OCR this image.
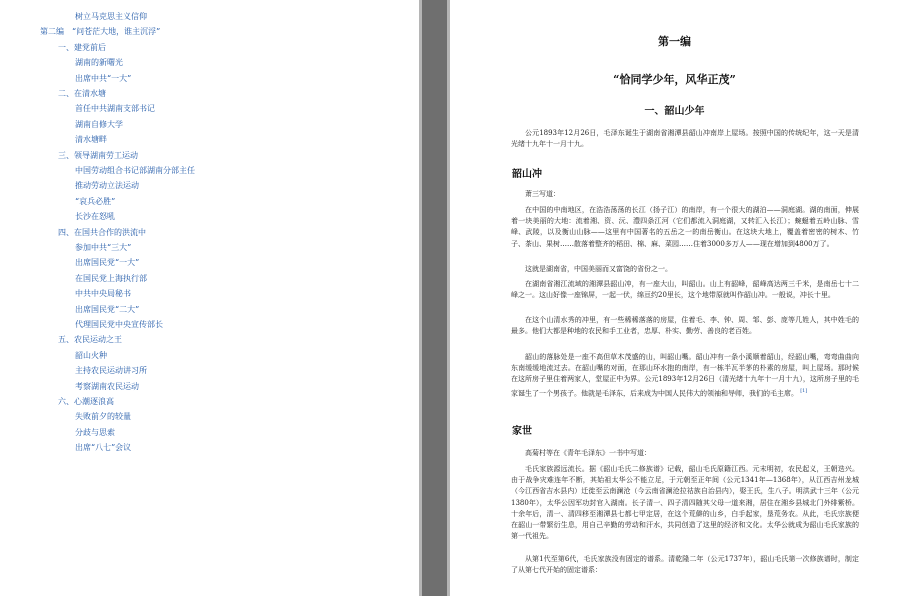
树立马克思主义信仰
第二编　“问苍茫大地，谁主沉浮”
一、建党前后
湖南的新曙光
出席中共“一大”
二、在清水塘
首任中共湖南支部书记
湖南自修大学
清水塘畔
三、领导湖南劳工运动
中国劳动组合书记部湖南分部主任
推动劳动立法运动
“哀兵必胜”
长沙在怒吼
四、在国共合作的洪流中
参加中共“三大”
出席国民党“一大”
在国民党上海执行部
中共中央局秘书
出席国民党“二大”
代理国民党中央宣传部长
五、农民运动之王
韶山火种
主持农民运动讲习所
考察湖南农民运动
六、心潮逐浪高
失败前夕的较量
分歧与思索
出席“八七”会议
第一编
“恰同学少年，风华正茂”
一、韶山少年
公元1893年12月26日，毛泽东诞生于湖南省湘潭县韶山冲南岸上屋场。按照中国的传统纪年，这一天是清光绪十九年十一月十九。
韶山冲
萧三写道：
在中国的中南地区，在浩浩荡荡的长江（扬子江）的南岸，有一个很大的湖泊——洞庭湖。湖的南面，伸展着一块美丽的大地：流着湘、资、沅、澧四条江河（它们都流入洞庭湖，又转汇入长江）；蜿蜒着五岭山脉、雪峰、武陵，以及衡山山脉——这里有中国著名的五岳之一的南岳衡山。在这块大地上，覆盖着密密的树木、竹子、茶山、果树……散落着整齐的稻田、棉、麻、菜园……住着3000多万人——现在增加到4800万了。
这就是湖南省，中国美丽而又富饶的省份之一。
在湖南省湘江流域的湘潭县韶山冲，有一座大山，叫韶山。山上有韶峰，韶峰高达两三千米，是南岳七十二峰之一。这山好像一座锦屏，一起一伏，绵亘约20里长，这个地带原就叫作韶山冲。一般说，冲长十里。
在这个山清水秀的冲里，有一些稀稀落落的房屋，住着毛、李、钟、周、邹、彭、庞等几姓人，其中姓毛的最多。他们大都是种地的农民和手工业者，忠厚、朴实、勤劳、善良的老百姓。
韶山的落脉处是一座不高但草木茂盛的山，叫韶山嘴。韶山冲有一条小溪顺着韶山，经韶山嘴，弯弯曲曲向东南缓缓地流过去。在韶山嘴的对面，在那山环水抱的南岸，有一栋半瓦半茅的朴素的房屋，叫上屋场。那时候在这所房子里住着两家人，堂屋正中为界。公元1893年12月26日（清光绪十九年十一月十九），这所房子里的毛家诞生了一个男孩子。他就是毛泽东，后来成为中国人民伟大的领袖和导师，我们的毛主席。 [1]
家世
高菊村等在《青年毛泽东》一书中写道：
毛氏家族源远流长。据《韶山毛氏二修族谱》记载，韶山毛氏原籍江西。元末明初，农民起义，王朝迭兴。由于战争灾难连年不断，其始祖太华公不能立足，于元朝至正年间（公元1341年—1368年），从江西吉州龙城（今江西省吉水县内）迁徙至云南澜沧（今云南省澜沧拉祜族自治县内），娶王氏，生八子。明洪武十三年（公元1380年），太华公因军功封官入湖南。长子清一、四子清四随其父母一道来湘，居住在湘乡县城北门外绯紫桥。十余年后，清一、清四移至湘潭县七都七甲定居，在这个荒僻的山乡，白手起家，垦荒务农。从此，毛氏宗族便在韶山一带繁衍生息，用自己辛勤的劳动和汗水，共同创造了这里的经济和文化。太华公就成为韶山毛氏家族的第一代祖先。
从第1代至第6代，毛氏家族没有固定的谱系。清乾隆二年（公元1737年），韶山毛氏第一次修族谱时，制定了从第七代开始的固定谱系：
